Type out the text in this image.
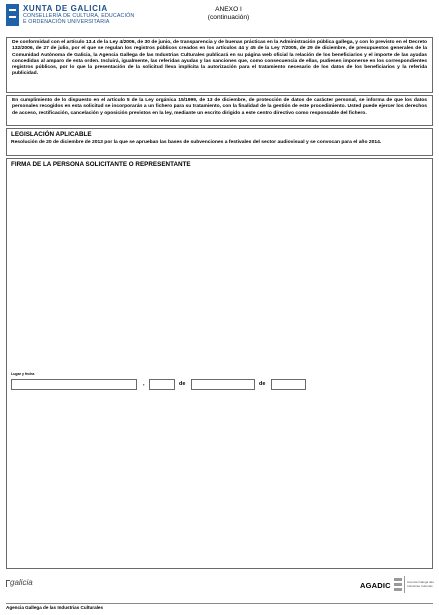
XUNTA DE GALICIA
CONSELLERÍA DE CULTURA, EDUCACIÓN
E ORDENACIÓN UNIVERSITARIA
ANEXO I
(continuación)

De conformidad con el artículo 13.4 de la Ley 4/2006, de 30 de junio, de transparencia y de buenas prácticas en la Administración pública gallega, y con lo previsto en el Decreto 132/2006, de 27 de julio, por el que se regulan los registros públicos creados en los artículos 44 y 45 de la Ley 7/2005, de 29 de diciembre, de presupuestos generales de la Comunidad Autónoma de Galicia, la Agencia Gallega de las Industrias Culturales publicará en su página web oficial la relación de los beneficiarios y el importe de las ayudas concedidas al amparo de esta orden. Incluirá, igualmente, las referidas ayudas y las sanciones que, como consecuencia de ellas, pudiesen imponerse en los correspondientes registros públicos, por lo que la presentación de la solicitud lleva implícita la autorización para el tratamiento necesario de los datos de los beneficiarios y la referida publicidad.

En cumplimiento de lo dispuesto en el artículo 5 de la Ley orgánica 15/1999, de 13 de diciembre, de protección de datos de carácter personal, se informa de que los datos personales recogidos en esta solicitud se incorporarán a un fichero para su tratamiento, con la finalidad de la gestión de este procedimiento. Usted puede ejercer los derechos de acceso, rectificación, cancelación y oposición previstos en la ley, mediante un escrito dirigido a este centro directivo como responsable del fichero.

LEGISLACIÓN APLICABLE

Resolución de 20 de diciembre de 2013 por la que se aprueban las bases de subvenciones a festivales del sector audiovisual y se convocan para el año 2014.

FIRMA DE LA PERSONA SOLICITANTE O REPRESENTANTE
Lugar y fecha
,	de	de
galicia	AGADIC	Axencia Galega das Industrias Culturais
Agencia Gallega de las Industrias Culturales
